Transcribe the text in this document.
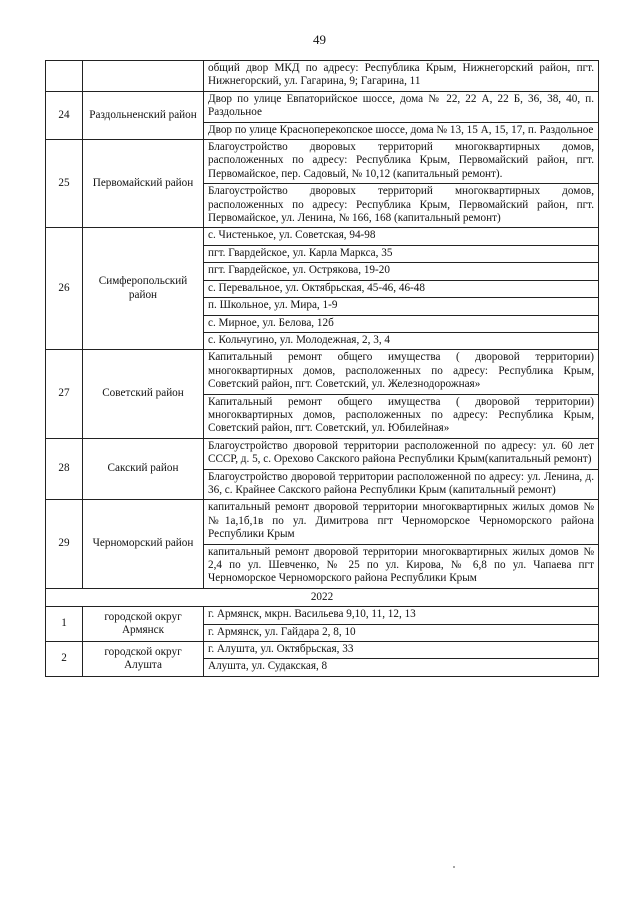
49
		общий двор МКД по адресу: Республика Крым, Нижнегорский район, пгт. Нижнегорский, ул. Гагарина, 9; Гагарина, 11
24	Раздольненский район	Двор по улице Евпаторийское шоссе, дома № 22, 22 А, 22 Б, 36, 38, 40, п. Раздольное
		Двор по улице Красноперекопское шоссе, дома № 13, 15 А, 15, 17, п. Раздольное
25	Первомайский район	Благоустройство дворовых территорий многоквартирных домов, расположенных по адресу: Республика Крым, Первомайский район, пгт. Первомайское, пер. Садовый, № 10,12 (капитальный ремонт).
		Благоустройство дворовых территорий многоквартирных домов, расположенных по адресу: Республика Крым, Первомайский район, пгт. Первомайское, ул. Ленина, № 166, 168 (капитальный ремонт)
26	Симферопольский район	с. Чистенькое, ул. Советская, 94-98
		пгт. Гвардейское, ул. Карла Маркса, 35
		пгт. Гвардейское, ул. Острякова, 19-20
		с. Перевальное, ул. Октябрьская, 45-46, 46-48
		п. Школьное, ул. Мира, 1-9
		с. Мирное, ул. Белова, 12б
		с. Кольчугино, ул. Молодежная, 2, 3, 4
27	Советский район	Капитальный ремонт общего имущества ( дворовой территории) многоквартирных домов, расположенных по адресу: Республика Крым, Советский район, пгт. Советский, ул. Железнодорожная»
		Капитальный ремонт общего имущества ( дворовой территории) многоквартирных домов, расположенных по адресу: Республика Крым, Советский район, пгт. Советский, ул. Юбилейная»
28	Сакский район	Благоустройство дворовой территории расположенной по адресу: ул. 60 лет СССР, д. 5, с. Орехово Сакского района Республики Крым(капитальный ремонт)
		Благоустройство дворовой территории расположенной по адресу: ул. Ленина, д. 36, с. Крайнее Сакского района Республики Крым (капитальный ремонт)
29	Черноморский район	капитальный ремонт дворовой территории многоквартирных жилых домов №№1а,1б,1в по ул. Димитрова пгт Черноморское Черноморского района Республики Крым
		капитальный ремонт дворовой территории многоквартирных жилых домов № 2,4 по ул. Шевченко, № 25 по ул. Кирова, № 6,8 по ул. Чапаева пгт Черноморское Черноморского района Республики Крым
2022		
1	городской округ Армянск	г. Армянск, мкрн. Васильева 9,10, 11, 12, 13
		г. Армянск, ул. Гайдара 2, 8, 10
2	городской округ Алушта	г. Алушта, ул. Октябрьская, 33
		Алушта, ул. Судакская, 8
